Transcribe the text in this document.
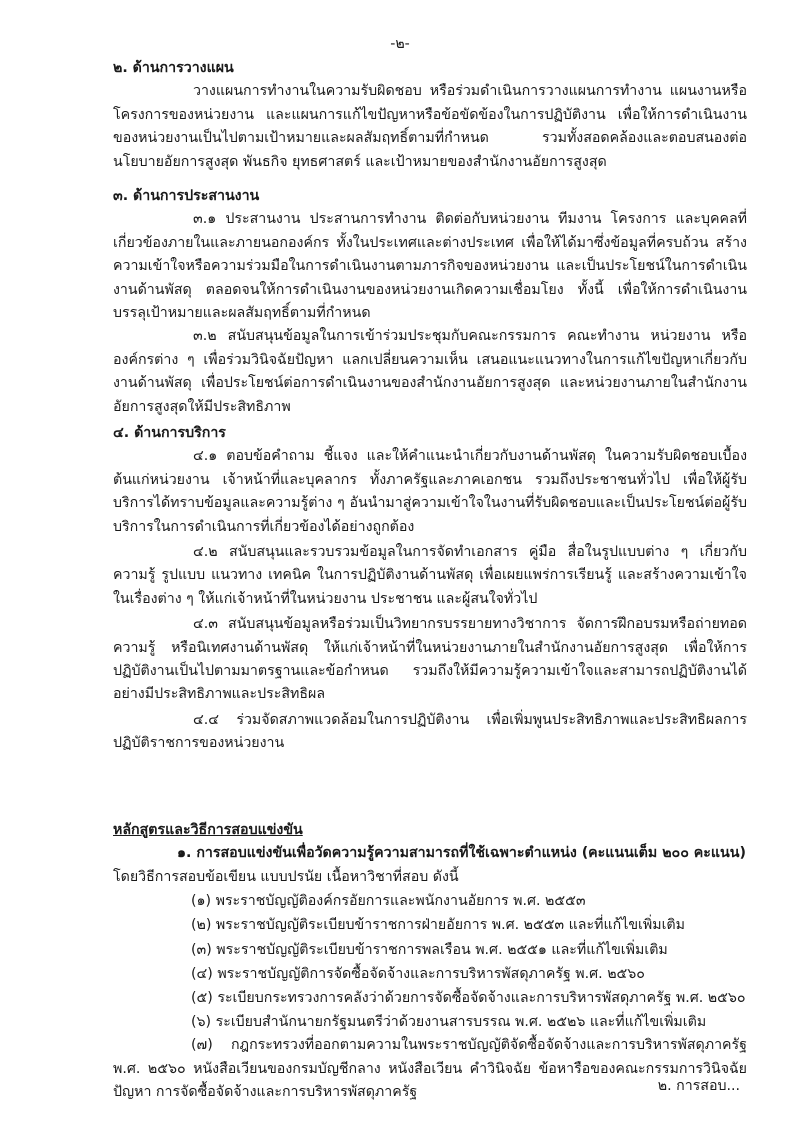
-๒-
๒. ด้านการวางแผน

วางแผนการทำงานในความรับผิดชอบ หรือร่วมดำเนินการวางแผนการทำงาน แผนงานหรือโครงการของหน่วยงาน และแผนการแก้ไขปัญหาหรือข้อขัดข้องในการปฏิบัติงาน เพื่อให้การดำเนินงานของหน่วยงานเป็นไปตามเป้าหมายและผลสัมฤทธิ์ตามที่กำหนด รวมทั้งสอดคล้องและตอบสนองต่อนโยบายอัยการสูงสุด พันธกิจ ยุทธศาสตร์ และเป้าหมายของสำนักงานอัยการสูงสุด

๓. ด้านการประสานงาน

๓.๑ ประสานงาน ประสานการทำงาน ติดต่อกับหน่วยงาน ทีมงาน โครงการ และบุคคลที่เกี่ยวข้องภายในและภายนอกองค์กร ทั้งในประเทศและต่างประเทศ เพื่อให้ได้มาซึ่งข้อมูลที่ครบถ้วน สร้างความเข้าใจหรือความร่วมมือในการดำเนินงานตามภารกิจของหน่วยงาน และเป็นประโยชน์ในการดำเนินงานด้านพัสดุ ตลอดจนให้การดำเนินงานของหน่วยงานเกิดความเชื่อมโยง ทั้งนี้ เพื่อให้การดำเนินงานบรรลุเป้าหมายและผลสัมฤทธิ์ตามที่กำหนด

๓.๒ สนับสนุนข้อมูลในการเข้าร่วมประชุมกับคณะกรรมการ คณะทำงาน หน่วยงาน หรือองค์กรต่าง ๆ เพื่อร่วมวินิจฉัยปัญหา แลกเปลี่ยนความเห็น เสนอแนะแนวทางในการแก้ไขปัญหาเกี่ยวกับงานด้านพัสดุ เพื่อประโยชน์ต่อการดำเนินงานของสำนักงานอัยการสูงสุด และหน่วยงานภายในสำนักงานอัยการสูงสุดให้มีประสิทธิภาพ

๔. ด้านการบริการ

๔.๑ ตอบข้อคำถาม ชี้แจง และให้คำแนะนำเกี่ยวกับงานด้านพัสดุ ในความรับผิดชอบเบื้องต้นแก่หน่วยงาน เจ้าหน้าที่และบุคลากร ทั้งภาครัฐและภาคเอกชน รวมถึงประชาชนทั่วไป เพื่อให้ผู้รับบริการได้ทราบข้อมูลและความรู้ต่าง ๆ อันนำมาสู่ความเข้าใจในงานที่รับผิดชอบและเป็นประโยชน์ต่อผู้รับบริการในการดำเนินการที่เกี่ยวข้องได้อย่างถูกต้อง

๔.๒ สนับสนุนและรวบรวมข้อมูลในการจัดทำเอกสาร คู่มือ สื่อในรูปแบบต่าง ๆ เกี่ยวกับความรู้ รูปแบบ แนวทาง เทคนิค ในการปฏิบัติงานด้านพัสดุ เพื่อเผยแพร่การเรียนรู้ และสร้างความเข้าใจในเรื่องต่าง ๆ ให้แก่เจ้าหน้าที่ในหน่วยงาน ประชาชน และผู้สนใจทั่วไป

๔.๓ สนับสนุนข้อมูลหรือร่วมเป็นวิทยากรบรรยายทางวิชาการ จัดการฝึกอบรมหรือถ่ายทอดความรู้ หรือนิเทศงานด้านพัสดุ ให้แก่เจ้าหน้าที่ในหน่วยงานภายในสำนักงานอัยการสูงสุด เพื่อให้การปฏิบัติงานเป็นไปตามมาตรฐานและข้อกำหนด รวมถึงให้มีความรู้ความเข้าใจและสามารถปฏิบัติงานได้อย่างมีประสิทธิภาพและประสิทธิผล

๔.๔ ร่วมจัดสภาพแวดล้อมในการปฏิบัติงาน เพื่อเพิ่มพูนประสิทธิภาพและประสิทธิผลการปฏิบัติราชการของหน่วยงาน

หลักสูตรและวิธีการสอบแข่งขัน
๑. การสอบแข่งขันเพื่อวัดความรู้ความสามารถที่ใช้เฉพาะตำแหน่ง (คะแนนเต็ม ๒๐๐ คะแนน)
โดยวิธีการสอบข้อเขียน แบบปรนัย เนื้อหาวิชาที่สอบ ดังนี้

(๑) พระราชบัญญัติองค์กรอัยการและพนักงานอัยการ พ.ศ. ๒๕๕๓

(๒) พระราชบัญญัติระเบียบข้าราชการฝ่ายอัยการ พ.ศ. ๒๕๕๓ และที่แก้ไขเพิ่มเติม

(๓) พระราชบัญญัติระเบียบข้าราชการพลเรือน พ.ศ. ๒๕๕๑ และที่แก้ไขเพิ่มเติม

(๔) พระราชบัญญัติการจัดซื้อจัดจ้างและการบริหารพัสดุภาครัฐ พ.ศ. ๒๕๖๐

(๕) ระเบียบกระทรวงการคลังว่าด้วยการจัดซื้อจัดจ้างและการบริหารพัสดุภาครัฐ พ.ศ. ๒๕๖๐

(๖) ระเบียบสำนักนายกรัฐมนตรีว่าด้วยงานสารบรรณ พ.ศ. ๒๕๒๖ และที่แก้ไขเพิ่มเติม

(๗) กฎกระทรวงที่ออกตามความในพระราชบัญญัติจัดซื้อจัดจ้างและการบริหารพัสดุภาครัฐ พ.ศ. ๒๕๖๐ หนังสือเวียนของกรมบัญชีกลาง หนังสือเวียน คำวินิจฉัย ข้อหารือของคณะกรรมการวินิจฉัยปัญหา การจัดซื้อจัดจ้างและการบริหารพัสดุภาครัฐ	๒. การสอบ...
